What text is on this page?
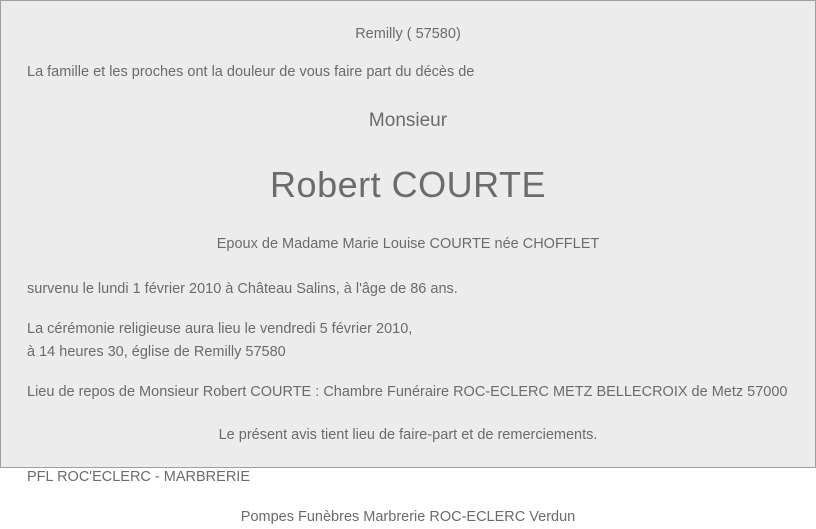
Remilly ( 57580)
La famille et les proches ont la douleur de vous faire part du décès de
Monsieur
Robert COURTE
Epoux de Madame Marie Louise COURTE née CHOFFLET
survenu le lundi 1 février 2010 à Château Salins, à l'âge de 86 ans.
La cérémonie religieuse aura lieu le vendredi 5 février 2010,
à 14 heures 30, église de Remilly 57580
Lieu de repos de Monsieur Robert COURTE : Chambre Funéraire ROC-ECLERC METZ BELLECROIX de Metz 57000
Le présent avis tient lieu de faire-part et de remerciements.
PFL ROC'ECLERC - MARBRERIE
Pompes Funèbres Marbrerie ROC-ECLERC Verdun
